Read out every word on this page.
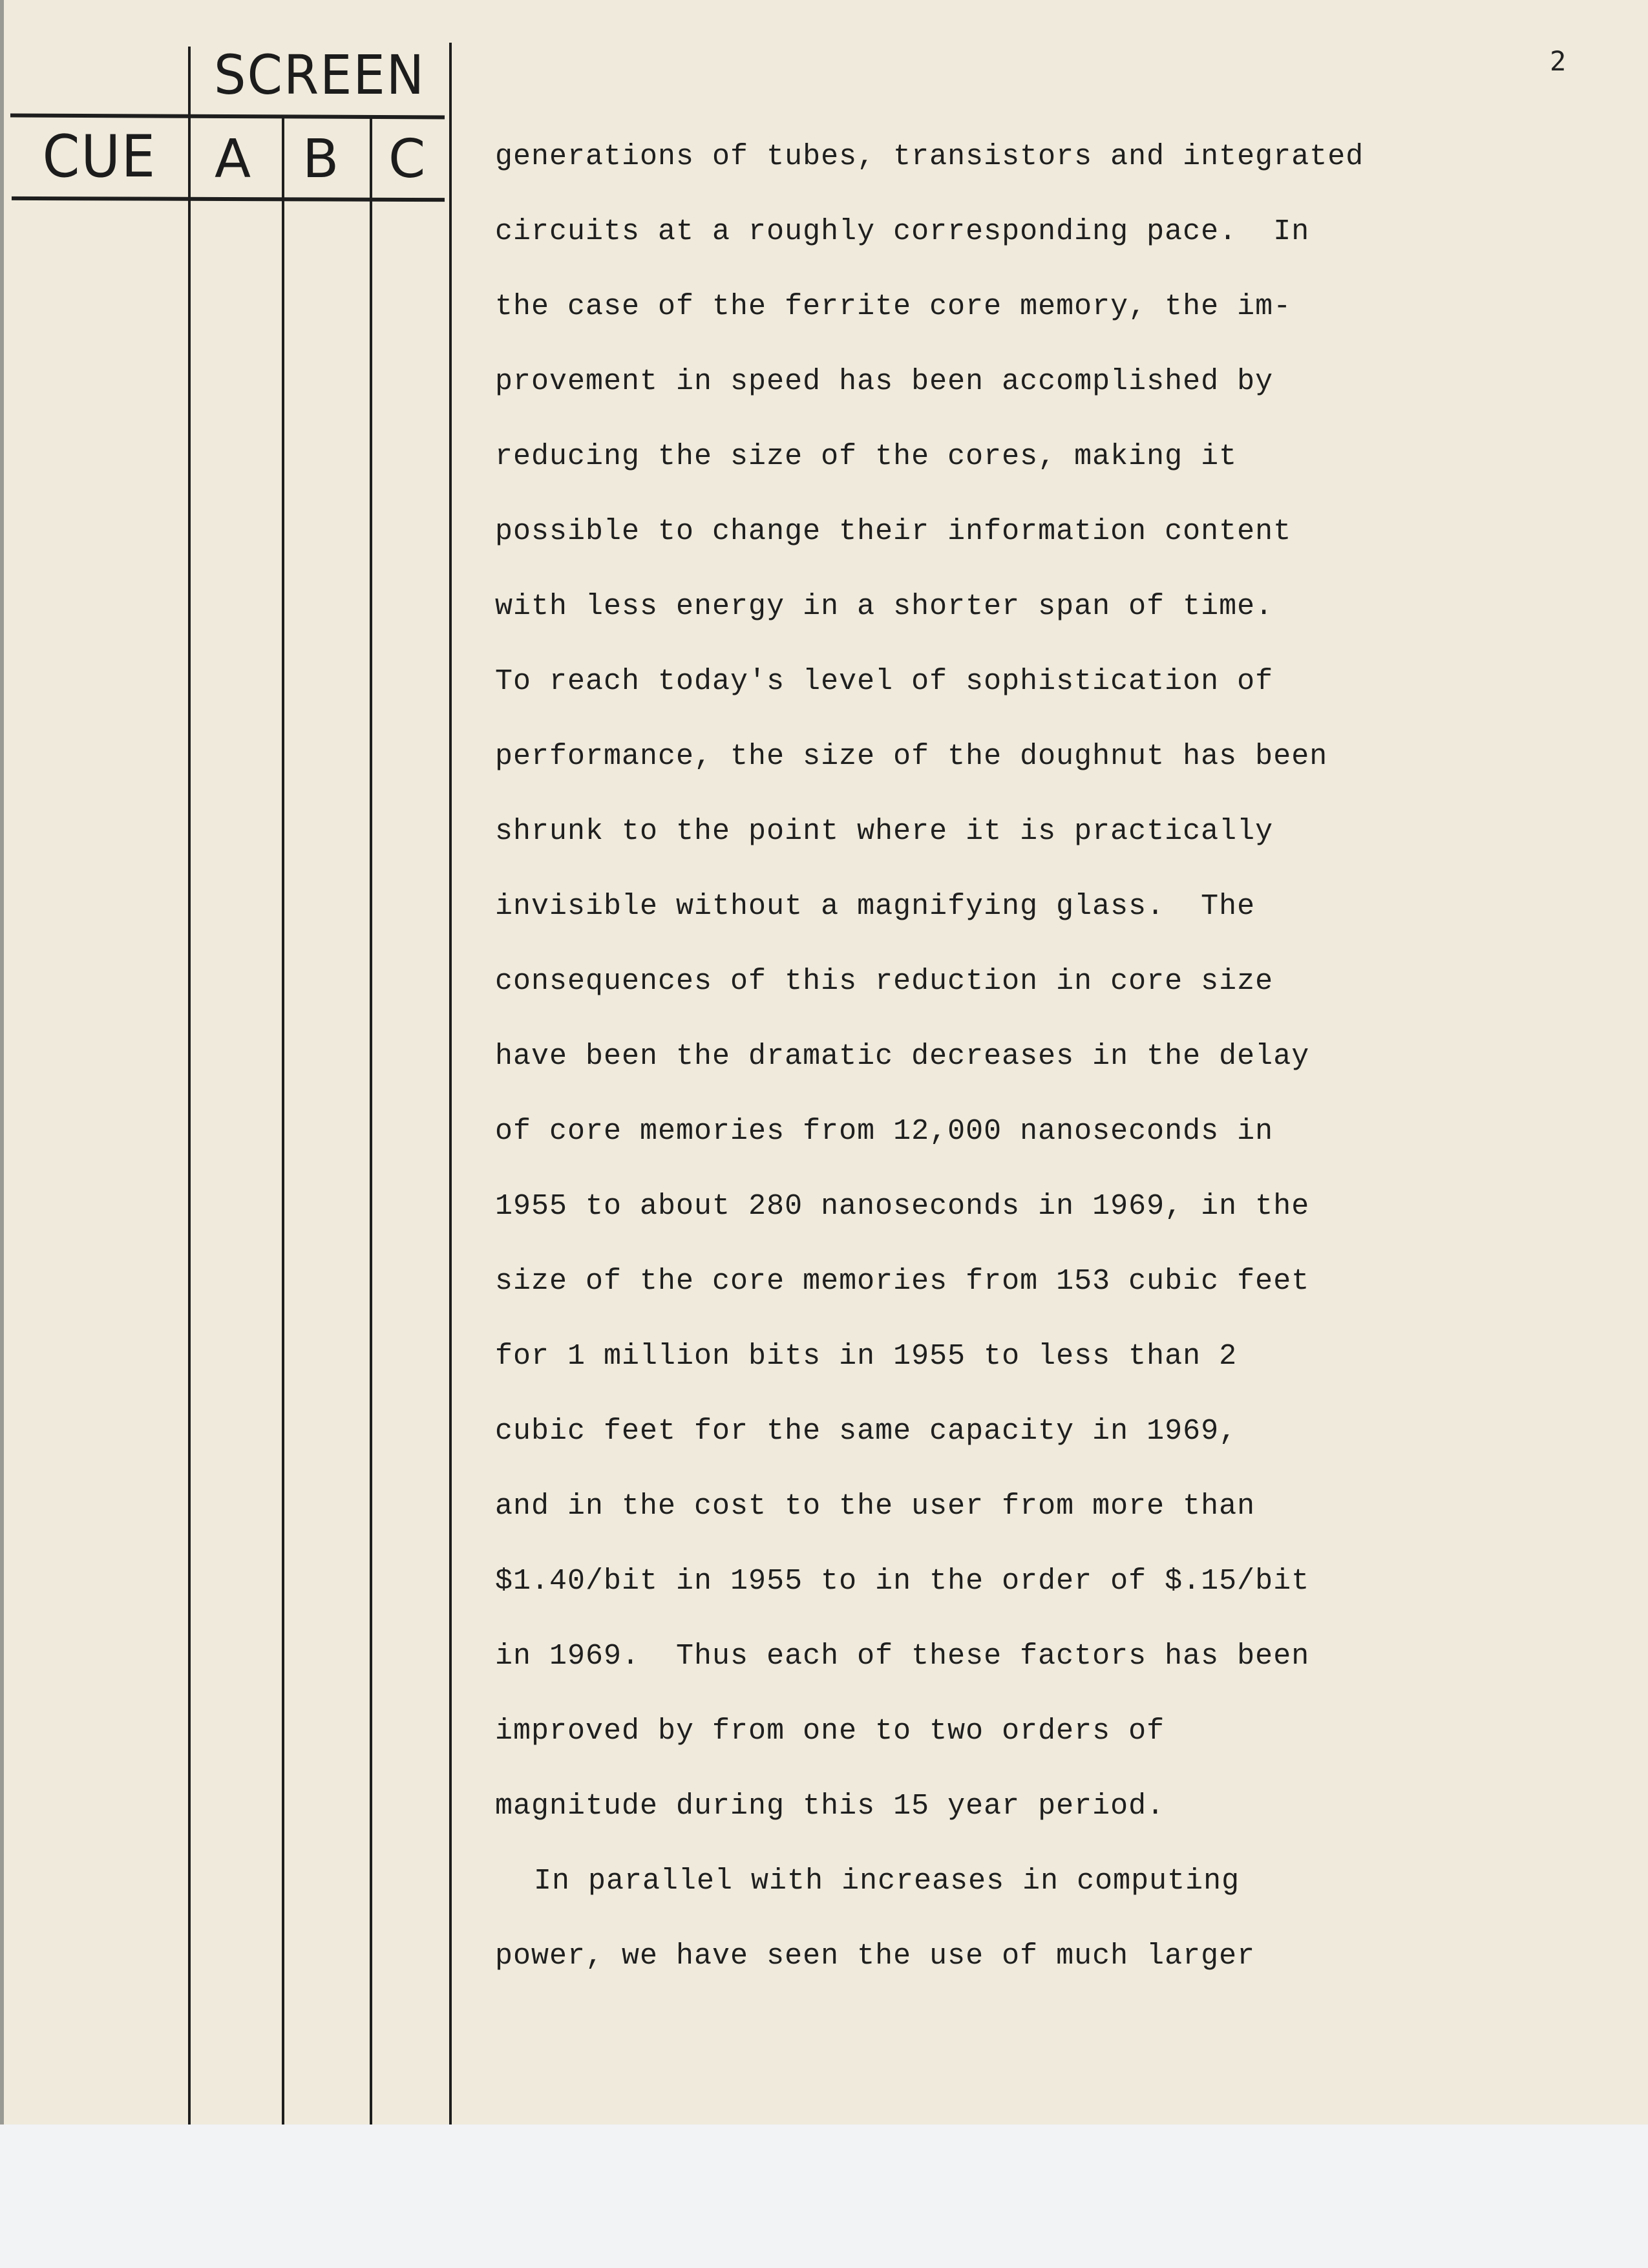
SCREEN
CUE A B C
2
generations of tubes, transistors and integrated
circuits at a roughly corresponding pace.  In
the case of the ferrite core memory, the im-
provement in speed has been accomplished by
reducing the size of the cores, making it
possible to change their information content
with less energy in a shorter span of time.
To reach today's level of sophistication of
performance, the size of the doughnut has been
shrunk to the point where it is practically
invisible without a magnifying glass.  The
consequences of this reduction in core size
have been the dramatic decreases in the delay
of core memories from 12,000 nanoseconds in
1955 to about 280 nanoseconds in 1969, in the
size of the core memories from 153 cubic feet
for 1 million bits in 1955 to less than 2
cubic feet for the same capacity in 1969,
and in the cost to the user from more than
$1.40/bit in 1955 to in the order of $.15/bit
in 1969.  Thus each of these factors has been
improved by from one to two orders of
magnitude during this 15 year period.
In parallel with increases in computing
power, we have seen the use of much larger
